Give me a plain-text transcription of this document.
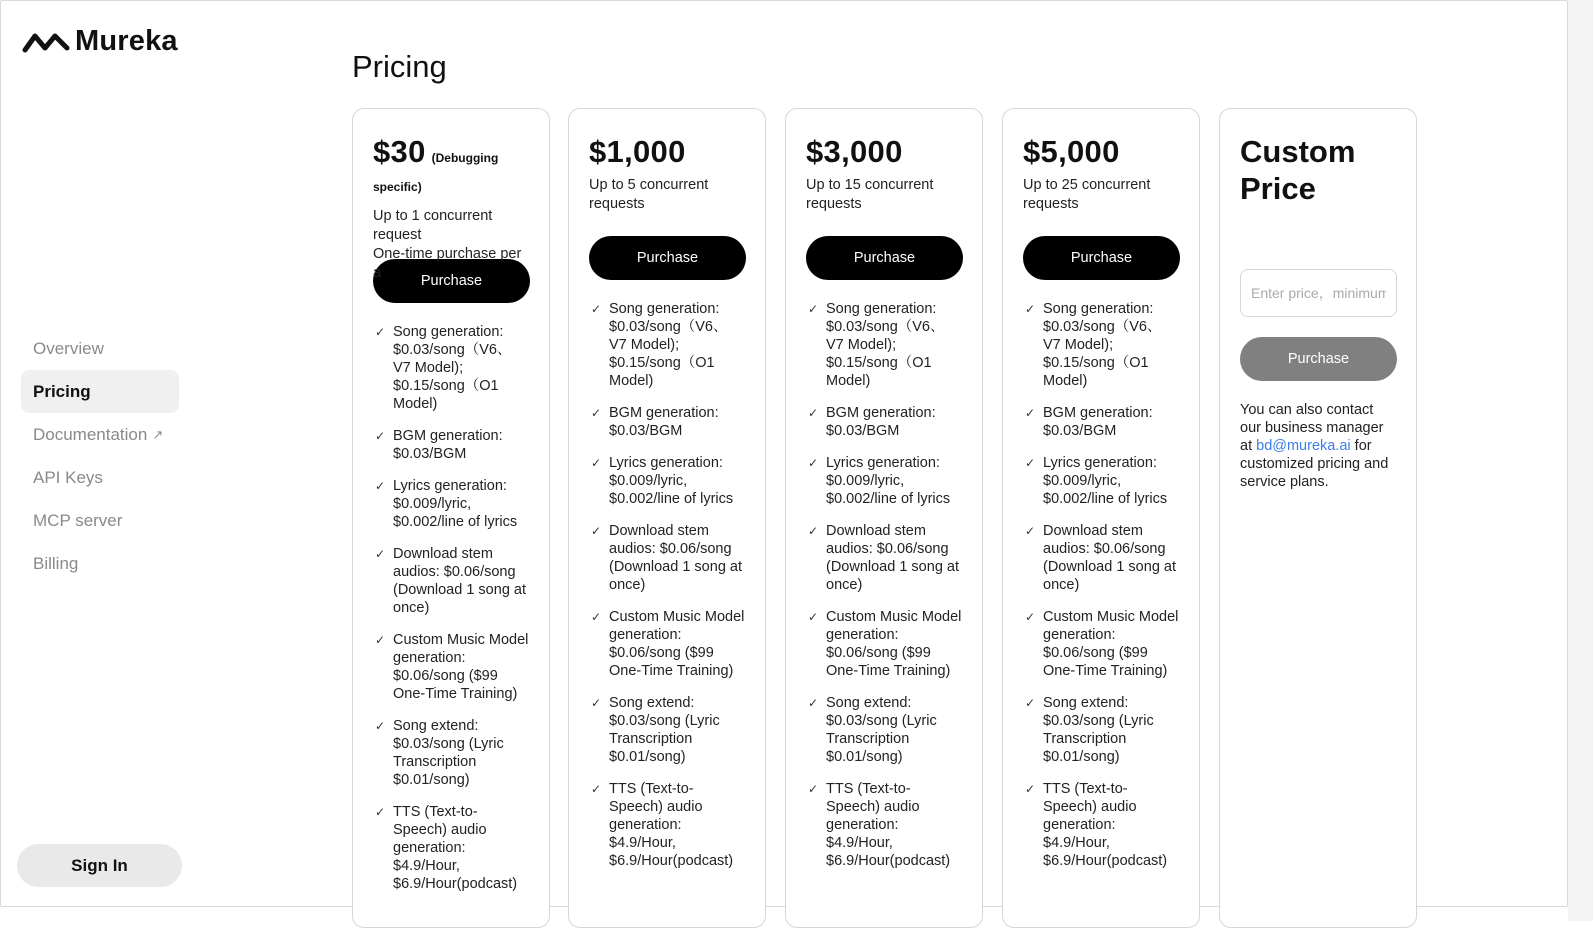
Mureka
Overview
Pricing
Documentation ↗
API Keys
MCP server
Billing
Sign In
Pricing
$30 (Debugging
specific)
Up to 1 concurrent request
One-time purchase per a	Purchase
✓ Song generation: $0.03/song（V6、V7 Model); $0.15/song（O1 Model)
✓ BGM generation: $0.03/BGM
✓ Lyrics generation: $0.009/lyric, $0.002/line of lyrics
✓ Download stem audios: $0.06/song (Download 1 song at once)
✓ Custom Music Model generation: $0.06/song ($99 One-Time Training)
✓ Song extend: $0.03/song (Lyric Transcription $0.01/song)
✓ TTS (Text-to-Speech) audio generation: $4.9/Hour, $6.9/Hour(podcast)
$1,000
Up to 5 concurrent requests
Purchase
✓ Song generation: $0.03/song（V6、V7 Model); $0.15/song（O1 Model)
✓ BGM generation: $0.03/BGM
✓ Lyrics generation: $0.009/lyric, $0.002/line of lyrics
✓ Download stem audios: $0.06/song (Download 1 song at once)
✓ Custom Music Model generation: $0.06/song ($99 One-Time Training)
✓ Song extend: $0.03/song (Lyric Transcription $0.01/song)
✓ TTS (Text-to-Speech) audio generation: $4.9/Hour, $6.9/Hour(podcast)
$3,000
Up to 15 concurrent requests
Purchase
✓ Song generation: $0.03/song（V6、V7 Model); $0.15/song（O1 Model)
✓ BGM generation: $0.03/BGM
✓ Lyrics generation: $0.009/lyric, $0.002/line of lyrics
✓ Download stem audios: $0.06/song (Download 1 song at once)
✓ Custom Music Model generation: $0.06/song ($99 One-Time Training)
✓ Song extend: $0.03/song (Lyric Transcription $0.01/song)
✓ TTS (Text-to-Speech) audio generation: $4.9/Hour, $6.9/Hour(podcast)
$5,000
Up to 25 concurrent requests
Purchase
✓ Song generation: $0.03/song（V6、V7 Model); $0.15/song（O1 Model)
✓ BGM generation: $0.03/BGM
✓ Lyrics generation: $0.009/lyric, $0.002/line of lyrics
✓ Download stem audios: $0.06/song (Download 1 song at once)
✓ Custom Music Model generation: $0.06/song ($99 One-Time Training)
✓ Song extend: $0.03/song (Lyric Transcription $0.01/song)
✓ TTS (Text-to-Speech) audio generation: $4.9/Hour, $6.9/Hour(podcast)
Custom
Price
Enter price，minimum
Purchase
You can also contact our business manager at bd@mureka.ai for customized pricing and service plans.
